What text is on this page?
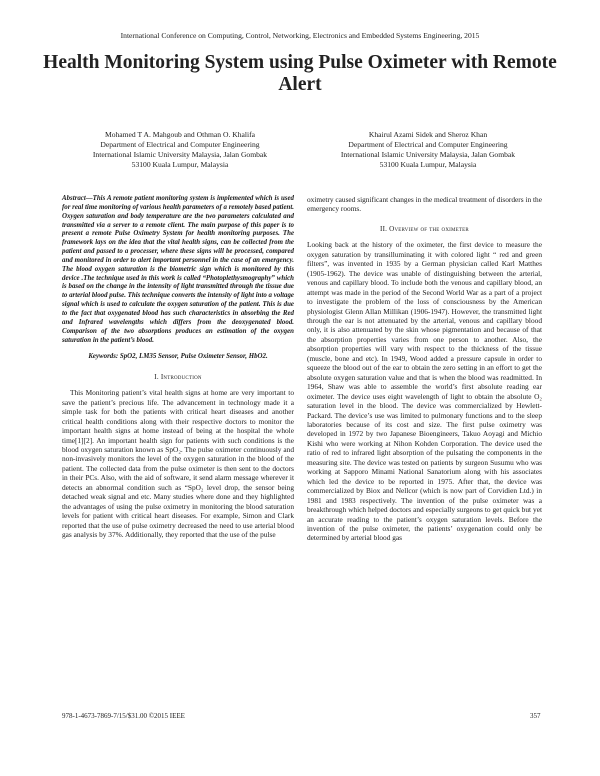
International Conference on Computing, Control, Networking, Electronics and Embedded Systems Engineering, 2015
Health Monitoring System using Pulse Oximeter with Remote Alert
Mohamed T A. Mahgoub and Othman O. Khalifa
Department of Electrical and Computer Engineering
International Islamic University Malaysia, Jalan Gombak
53100 Kuala Lumpur, Malaysia
Khairul Azami Sidek and Sheroz Khan
Department of Electrical and Computer Engineering
International Islamic University Malaysia, Jalan Gombak
53100 Kuala Lumpur, Malaysia

Abstract—This A remote patient monitoring system is implemented which is used for real time monitoring of various health parameters of a remotely based patient. Oxygen saturation and body temperature are the two parameters calculated and transmitted via a server to a remote client. The main purpose of this paper is to present a remote Pulse Oximetry System for health monitoring purposes. The framework lays on the idea that the vital health signs, can be collected from the patient and passed to a processer, where these signs will be processed, compared and monitored in order to alert important personnel in the case of an emergency. The blood oxygen saturation is the biometric sign which is monitored by this device .The technique used in this work is called “Photoplethysmography” which is based on the change in the intensity of light transmitted through the tissue due to arterial blood pulse. This technique converts the intensity of light into a voltage signal which is used to calculate the oxygen saturation of the patient. This is due to the fact that oxygenated blood has such characteristics in absorbing the Red and Infrared wavelengths which differs from the deoxygenated blood. Comparison of the two absorptions produces an estimation of the oxygen saturation in the patient’s blood.

Keywords: SpO2, LM35 Sensor, Pulse Oximeter Sensor, HbO2.

I. Introduction

This Monitoring patient’s vital health signs at home are very important to save the patient’s precious life. The advancement in technology made it a simple task for both the patients with critical heart diseases and another critical health conditions along with their respective doctors to monitor the important health signs at home instead of being at the hospital the whole time[1][2]. An important health sign for patients with such conditions is the blood oxygen saturation known as SpO₂. The pulse oximeter continuously and non-invasively monitors the level of the oxygen saturation in the blood of the patient. The collected data from the pulse oximeter is then sent to the doctors in their PCs. Also, with the aid of software, it send alarm message wherever it detects an abnormal condition such as “SpO₂ level drop, the sensor being detached weak signal and etc. Many studies where done and they highlighted the advantages of using the pulse oximetry in monitoring the blood saturation levels for patient with critical heart diseases. For example, Simon and Clark reported that the use of pulse oximetry decreased the need to use arterial blood gas analysis by 37%. Additionally, they reported that the use of the pulse

oximetry caused significant changes in the medical treatment of disorders in the emergency rooms.

II. Overview of the oximeter

Looking back at the history of the oximeter, the first device to measure the oxygen saturation by transilluminating it with colored light “ red and green filters”, was invented in 1935 by a German physician called Karl Matthes (1905-1962). The device was unable of distinguishing between the arterial, venous and capillary blood. To include both the venous and capillary blood, an attempt was made in the period of the Second World War as a part of a project to investigate the problem of the loss of consciousness by the American physiologist Glenn Allan Millikan (1906-1947). However, the transmitted light through the ear is not attenuated by the arterial, venous and capillary blood only, it is also attenuated by the skin whose pigmentation and because of that the absorption properties varies from one person to another. Also, the absorption properties will vary with respect to the thickness of the tissue (muscle, bone and etc). In 1949, Wood added a pressure capsule in order to squeeze the blood out of the ear to obtain the zero setting in an effort to get the absolute oxygen saturation value and that is when the blood was readmitted. In 1964, Shaw was able to assemble the world’s first absolute reading ear oximeter. The device uses eight wavelength of light to obtain the absolute O₂ saturation level in the blood. The device was commercialized by Hewlett-Packard. The device’s use was limited to pulmonary functions and to the sleep laboratories because of its cost and size. The first pulse oximetry was developed in 1972 by two Japanese Bioengineers, Takuo Aoyagi and Michio Kishi who were working at Nihon Kohden Corporation. The device used the ratio of red to infrared light absorption of the pulsating the components in the measuring site. The device was tested on patients by surgeon Susumu who was working at Sapporo Minami National Sanatorium along with his associates which led the device to be reported in 1975. After that, the device was commercialized by Biox and Nellcor (which is now part of Corvidien Ltd.) in 1981 and 1983 respectively. The invention of the pulse oximeter was a breakthrough which helped doctors and especially surgeons to get quick but yet an accurate reading to the patient’s oxygen saturation levels. Before the invention of the pulse oximeter, the patients’ oxygenation could only be determined by arterial blood gas

978-1-4673-7869-7/15/$31.00 ©2015 IEEE	357
